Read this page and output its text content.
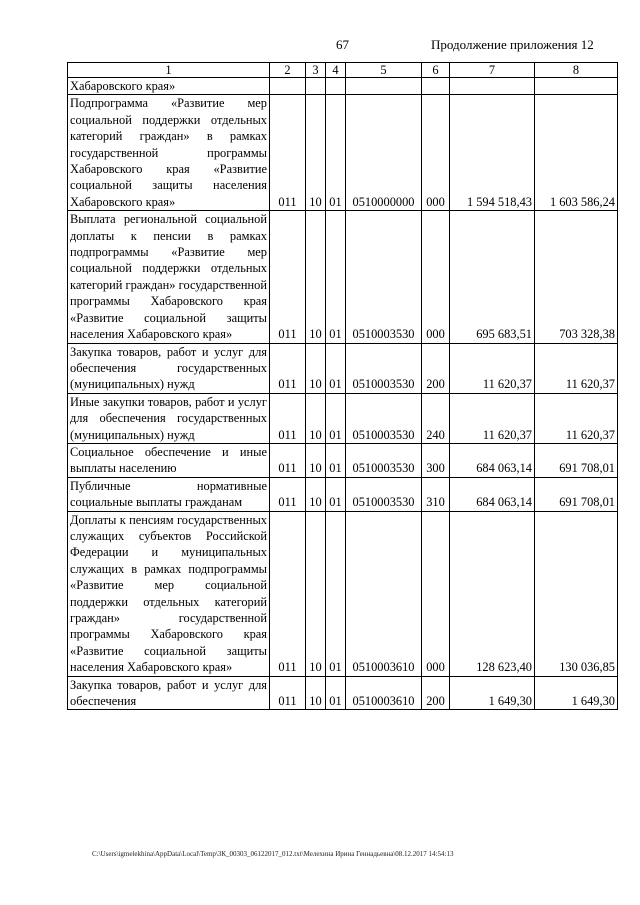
67	Продолжение приложения 12
1	2	3	4	5	6	7	8
Хабаровского края»							
Подпрограмма «Развитие мер социальной поддержки отдельных категорий граждан» в рамках государственной программы Хабаровского края «Развитие социальной защиты населения Хабаровского края»	011	10	01	0510000000	000	1 594 518,43	1 603 586,24
Выплата региональной социальной доплаты к пенсии в рамках подпрограммы «Развитие мер социальной поддержки отдельных категорий граждан» государственной программы Хабаровского края «Развитие социальной защиты населения Хабаровского края»	011	10	01	0510003530	000	695 683,51	703 328,38
Закупка товаров, работ и услуг для обеспечения государственных (муниципальных) нужд	011	10	01	0510003530	200	11 620,37	11 620,37
Иные закупки товаров, работ и услуг для обеспечения государственных (муниципальных) нужд	011	10	01	0510003530	240	11 620,37	11 620,37
Социальное обеспечение и иные выплаты населению	011	10	01	0510003530	300	684 063,14	691 708,01
Публичные нормативные социальные выплаты гражданам	011	10	01	0510003530	310	684 063,14	691 708,01
Доплаты к пенсиям государственных служащих субъектов Российской Федерации и муниципальных служащих в рамках подпрограммы «Развитие мер социальной поддержки отдельных категорий граждан» государственной программы Хабаровского края «Развитие социальной защиты населения Хабаровского края»	011	10	01	0510003610	000	128 623,40	130 036,85
Закупка товаров, работ и услуг для обеспечения	011	10	01	0510003610	200	1 649,30	1 649,30
C:\Users\igmelekhina\AppData\Local\Temp\3К_00303_06122017_012.txt\Мелехина Ирина Геннадьевна\08.12.2017 14:54:13
